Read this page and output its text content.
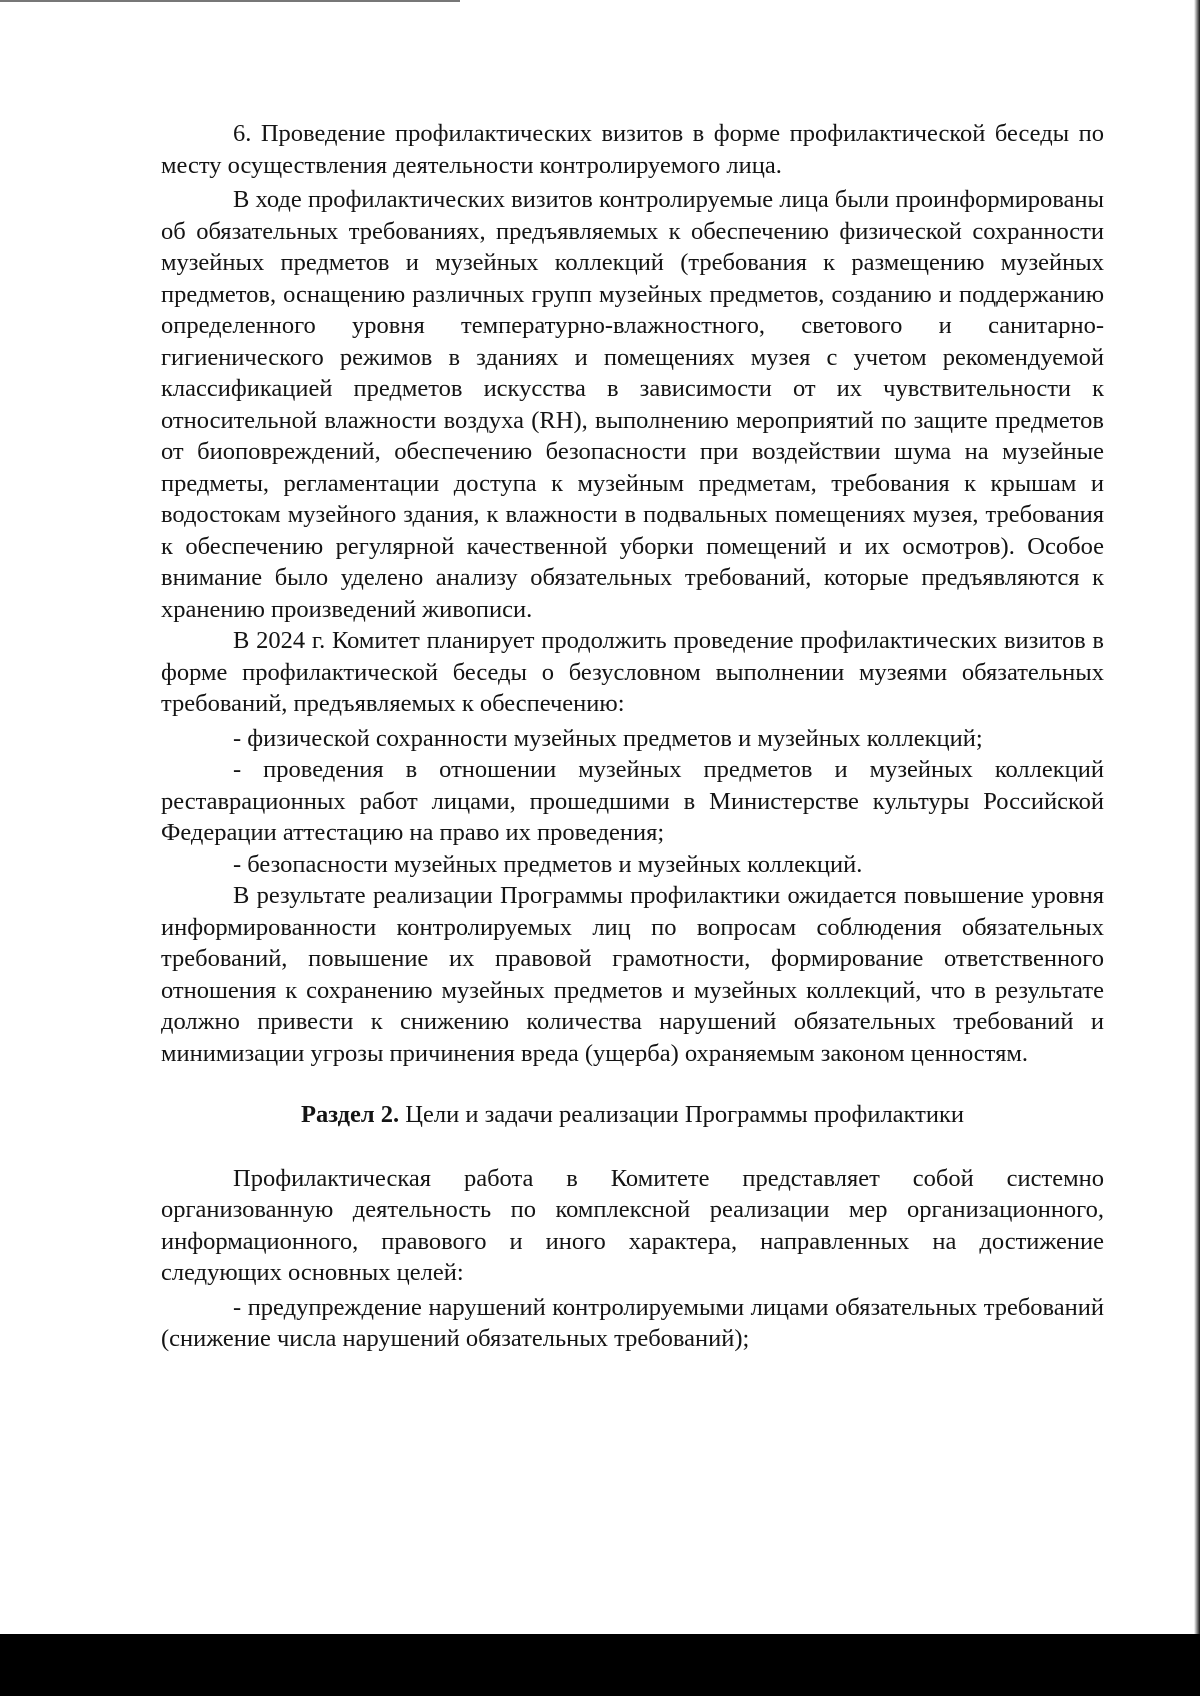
6. Проведение профилактических визитов в форме профилактической беседы по месту осуществления деятельности контролируемого лица.

В ходе профилактических визитов контролируемые лица были проинформированы об обязательных требованиях, предъявляемых к обеспечению физической сохранности музейных предметов и музейных коллекций (требования к размещению музейных предметов, оснащению различных групп музейных предметов, созданию и поддержанию определенного уровня температурно-влажностного, светового и санитарно-гигиенического режимов в зданиях и помещениях музея с учетом рекомендуемой классификацией предметов искусства в зависимости от их чувствительности к относительной влажности воздуха (RH), выполнению мероприятий по защите предметов от биоповреждений, обеспечению безопасности при воздействии шума на музейные предметы, регламентации доступа к музейным предметам, требования к крышам и водостокам музейного здания, к влажности в подвальных помещениях музея, требования к обеспечению регулярной качественной уборки помещений и их осмотров). Особое внимание было уделено анализу обязательных требований, которые предъявляются к хранению произведений живописи.

В 2024 г. Комитет планирует продолжить проведение профилактических визитов в форме профилактической беседы о безусловном выполнении музеями обязательных требований, предъявляемых к обеспечению:

- физической сохранности музейных предметов и музейных коллекций;

- проведения в отношении музейных предметов и музейных коллекций реставрационных работ лицами, прошедшими в Министерстве культуры Российской Федерации аттестацию на право их проведения;

- безопасности музейных предметов и музейных коллекций.

В результате реализации Программы профилактики ожидается повышение уровня информированности контролируемых лиц по вопросам соблюдения обязательных требований, повышение их правовой грамотности, формирование ответственного отношения к сохранению музейных предметов и музейных коллекций, что в результате должно привести к снижению количества нарушений обязательных требований и минимизации угрозы причинения вреда (ущерба) охраняемым законом ценностям.

Раздел 2. Цели и задачи реализации Программы профилактики

Профилактическая работа в Комитете представляет собой системно организованную деятельность по комплексной реализации мер организационного, информационного, правового и иного характера, направленных на достижение следующих основных целей:

- предупреждение нарушений контролируемыми лицами обязательных требований (снижение числа нарушений обязательных требований);
